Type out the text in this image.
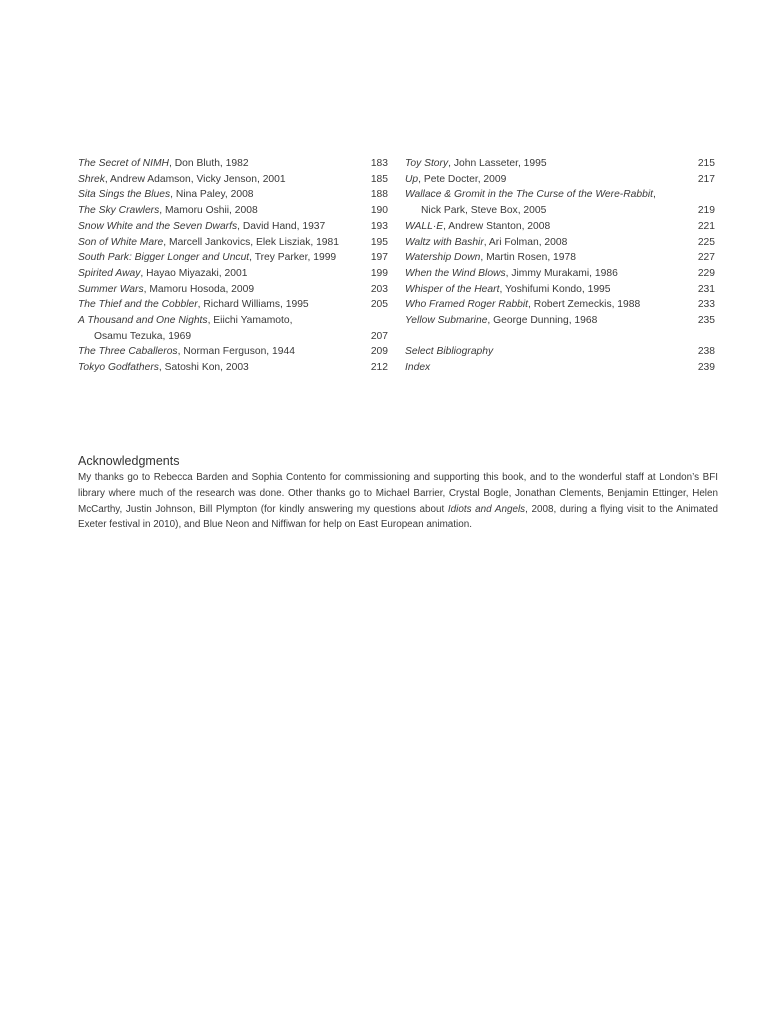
The Secret of NIMH, Don Bluth, 1982	183
Shrek, Andrew Adamson, Vicky Jenson, 2001	185
Sita Sings the Blues, Nina Paley, 2008	188
The Sky Crawlers, Mamoru Oshii, 2008	190
Snow White and the Seven Dwarfs, David Hand, 1937	193
Son of White Mare, Marcell Jankovics, Elek Lisziak, 1981	195
South Park: Bigger Longer and Uncut, Trey Parker, 1999	197
Spirited Away, Hayao Miyazaki, 2001	199
Summer Wars, Mamoru Hosoda, 2009	203
The Thief and the Cobbler, Richard Williams, 1995	205
A Thousand and One Nights, Eiichi Yamamoto,
Osamu Tezuka, 1969	207
The Three Caballeros, Norman Ferguson, 1944	209
Tokyo Godfathers, Satoshi Kon, 2003	212
Toy Story, John Lasseter, 1995	215
Up, Pete Docter, 2009	217
Wallace & Gromit in the The Curse of the Were-Rabbit,
Nick Park, Steve Box, 2005	219
WALL·E, Andrew Stanton, 2008	221
Waltz with Bashir, Ari Folman, 2008	225
Watership Down, Martin Rosen, 1978	227
When the Wind Blows, Jimmy Murakami, 1986	229
Whisper of the Heart, Yoshifumi Kondo, 1995	231
Who Framed Roger Rabbit, Robert Zemeckis, 1988	233
Yellow Submarine, George Dunning, 1968	235
Select Bibliography	238
Index	239
Acknowledgments

My thanks go to Rebecca Barden and Sophia Contento for commissioning and supporting this book, and to the wonderful staff at London’s BFI library where much of the research was done. Other thanks go to Michael Barrier, Crystal Bogle, Jonathan Clements, Benjamin Ettinger, Helen McCarthy, Justin Johnson, Bill Plympton (for kindly answering my questions about Idiots and Angels, 2008, during a flying visit to the Animated Exeter festival in 2010), and Blue Neon and Niffiwan for help on East European animation.
